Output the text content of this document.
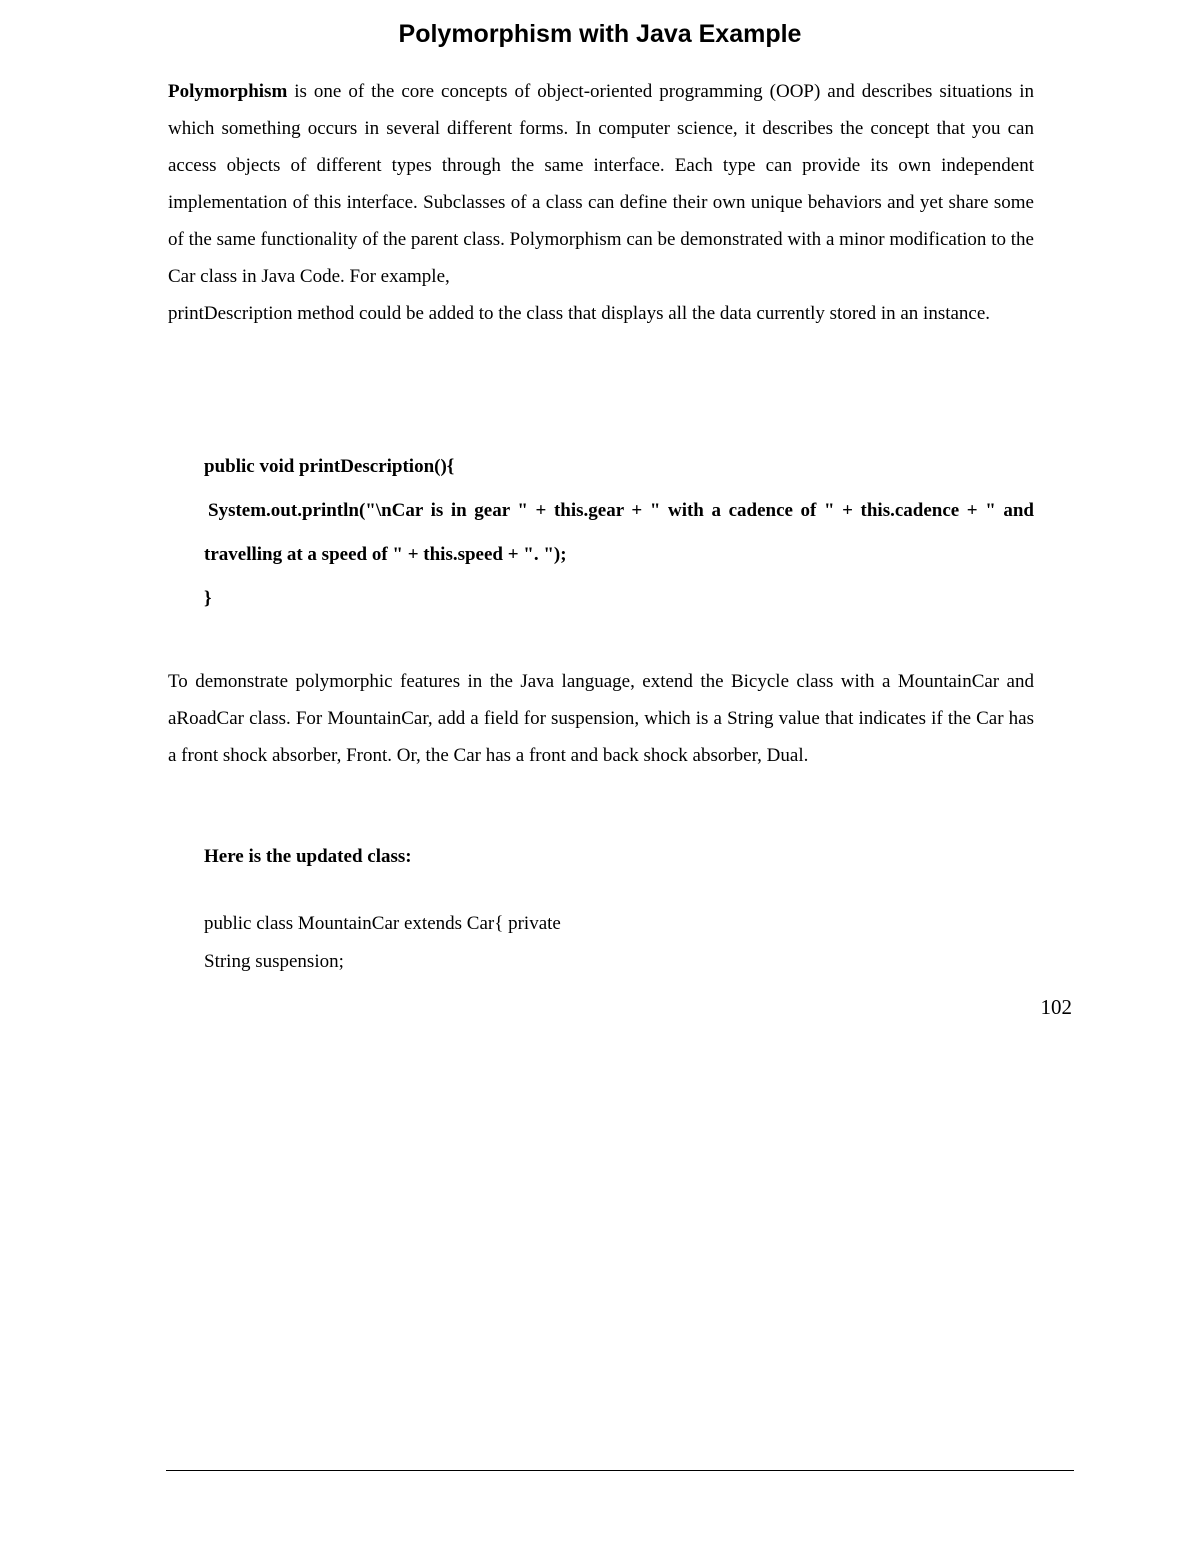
Polymorphism with Java Example

Polymorphism is one of the core concepts of object-oriented programming (OOP) and describes situations in which something occurs in several different forms. In computer science, it describes the concept that you can access objects of different types through the same interface. Each type can provide its own independent implementation of this interface. Subclasses of a class can define their own unique behaviors and yet share some of the same functionality of the parent class. Polymorphism can be demonstrated with a minor modification to the Car class in Java Code. For example,
printDescription method could be added to the class that displays all the data currently stored in an instance.

public void printDescription(){
System.out.println("\nCar is in gear " + this.gear + " with a cadence of " + this.cadence + " and
travelling at a speed of " + this.speed + ". ");
}

To demonstrate polymorphic features in the Java language, extend the Bicycle class with a MountainCar and aRoadCar class. For MountainCar, add a field for suspension, which is a String value that indicates if the Car has a front shock absorber, Front. Or, the Car has a front and back shock absorber, Dual.

Here is the updated class:

public class MountainCar extends Car{ private
String suspension;
102
